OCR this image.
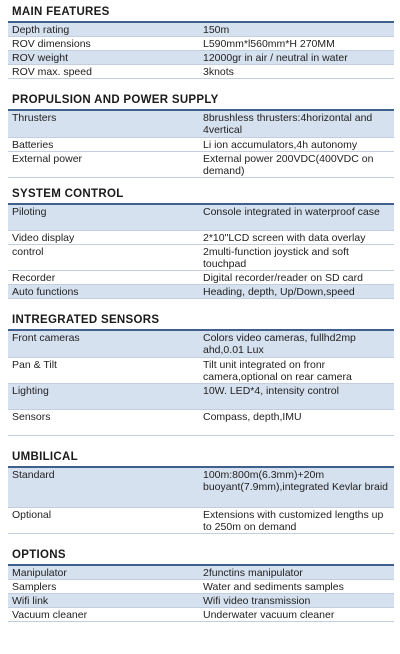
MAIN FEATURES
Depth rating	150m
ROV dimensions	L590mm*l560mm*H 270MM
ROV weight	12000gr in air / neutral in water
ROV max. speed	3knots
PROPULSION AND POWER SUPPLY
Thrusters	8brushless thrusters:4horizontal and 4vertical
Batteries	Li ion accumulators,4h autonomy
External power	External power 200VDC(400VDC on demand)
SYSTEM CONTROL
Piloting	Console integrated in waterproof case
Video display	2*10"LCD screen with data overlay
control	2multi-function joystick and soft touchpad
Recorder	Digital recorder/reader on SD card
Auto functions	Heading, depth, Up/Down,speed
INTREGRATED SENSORS
Front cameras	Colors video cameras, fullhd2mp ahd,0.01 Lux
Pan & Tilt	Tilt unit integrated on fronr camera,optional on rear camera
Lighting	10W. LED*4, intensity control
Sensors	Compass, depth,IMU
UMBILICAL
Standard	100m:800m(6.3mm)+20m buoyant(7.9mm),integrated Kevlar braid
Optional	Extensions with customized lengths up to 250m on demand
OPTIONS
Manipulator	2functins manipulator
Samplers	Water and sediments samples
Wifi link	Wifi video transmission
Vacuum cleaner	Underwater vacuum cleaner
